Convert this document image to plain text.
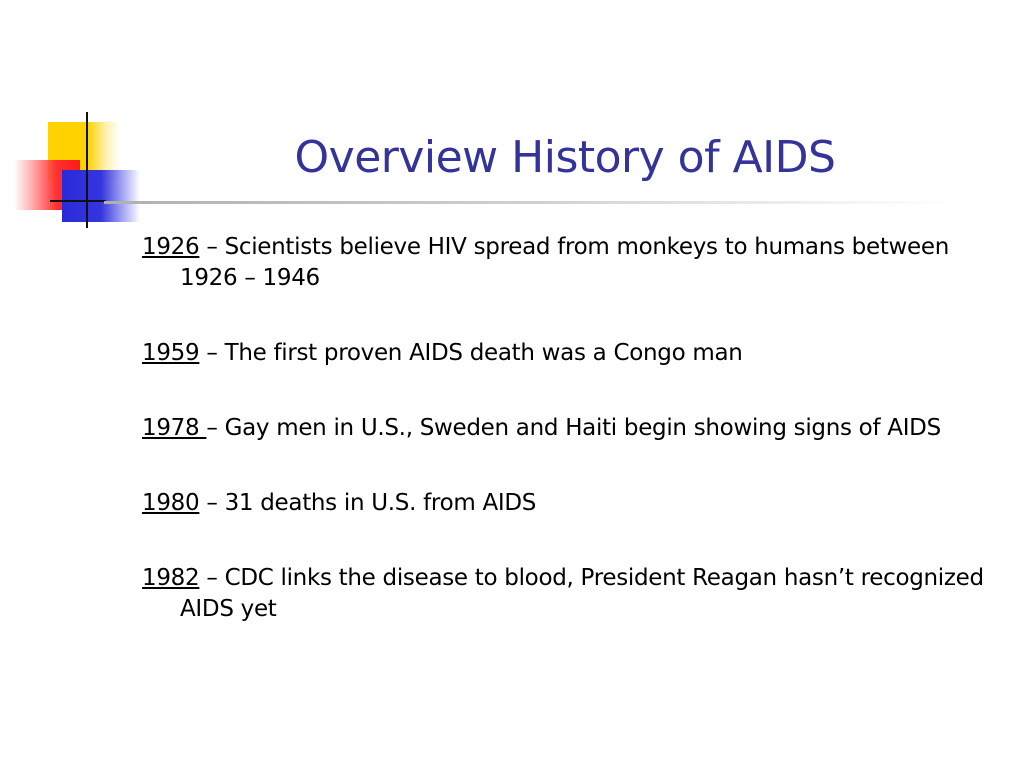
Overview History of AIDS
1926 – Scientists believe HIV spread from monkeys to humans between 1926 – 1946
1959 – The first proven AIDS death was a Congo man
1978 – Gay men in U.S., Sweden and Haiti begin showing signs of AIDS
1980 – 31 deaths in U.S. from AIDS
1982 – CDC links the disease to blood, President Reagan hasn’t recognized AIDS yet
